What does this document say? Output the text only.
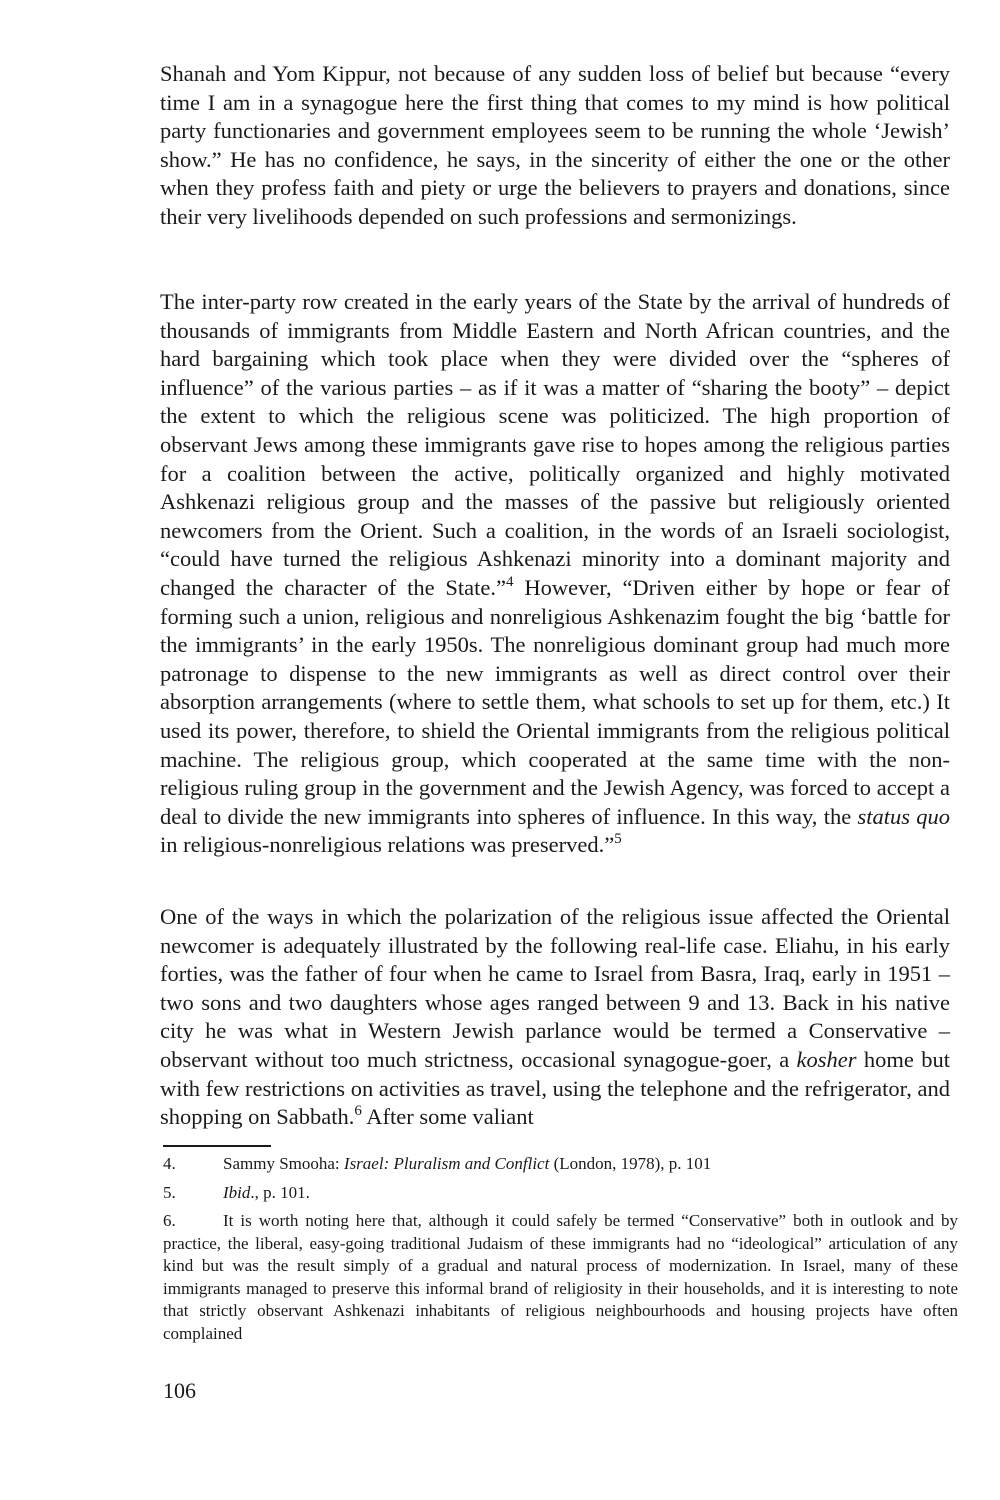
Shanah and Yom Kippur, not because of any sudden loss of belief but because “every time I am in a synagogue here the first thing that comes to my mind is how political party functionaries and government employees seem to be running the whole ‘Jewish’ show.” He has no confidence, he says, in the sincerity of either the one or the other when they profess faith and piety or urge the believers to prayers and donations, since their very livelihoods depended on such professions and sermonizings.

The inter-party row created in the early years of the State by the arrival of hundreds of thousands of immigrants from Middle Eastern and North African countries, and the hard bargaining which took place when they were divided over the “spheres of influence” of the various parties – as if it was a matter of “sharing the booty” – depict the extent to which the religious scene was politicized. The high proportion of observant Jews among these immigrants gave rise to hopes among the religious parties for a coalition between the active, politically organized and highly motivated Ashkenazi religious group and the masses of the passive but religiously oriented newcomers from the Orient. Such a coalition, in the words of an Israeli sociologist, “could have turned the religious Ashkenazi minority into a dominant majority and changed the character of the State.”$^4$ However, “Driven either by hope or fear of forming such a union, religious and nonreligious Ashkenazim fought the big ‘battle for the immigrants’ in the early 1950s. The nonreligious dominant group had much more patronage to dispense to the new immigrants as well as direct control over their absorption arrangements (where to settle them, what schools to set up for them, etc.) It used its power, therefore, to shield the Oriental immigrants from the religious political machine. The religious group, which cooperated at the same time with the non-religious ruling group in the government and the Jewish Agency, was forced to accept a deal to divide the new immigrants into spheres of influence. In this way, the status quo in religious-nonreligious relations was preserved.”$^5$

One of the ways in which the polarization of the religious issue affected the Oriental newcomer is adequately illustrated by the following real-life case. Eliahu, in his early forties, was the father of four when he came to Israel from Basra, Iraq, early in 1951 – two sons and two daughters whose ages ranged between 9 and 13. Back in his native city he was what in Western Jewish parlance would be termed a Conservative – observant without too much strictness, occasional synagogue-goer, a kosher home but with few restrictions on activities as travel, using the telephone and the refrigerator, and shopping on Sabbath.$^6$ After some valiant

4.	Sammy Smooha: Israel: Pluralism and Conflict (London, 1978), p. 101

5.	Ibid., p. 101.

6.	It is worth noting here that, although it could safely be termed “Conservative” both in outlook and by practice, the liberal, easy-going traditional Judaism of these immigrants had no “ideological” articulation of any kind but was the result simply of a gradual and natural process of modernization. In Israel, many of these immigrants managed to preserve this informal brand of religiosity in their households, and it is interesting to note that strictly observant Ashkenazi inhabitants of religious neighbourhoods and housing projects have often complained

106
